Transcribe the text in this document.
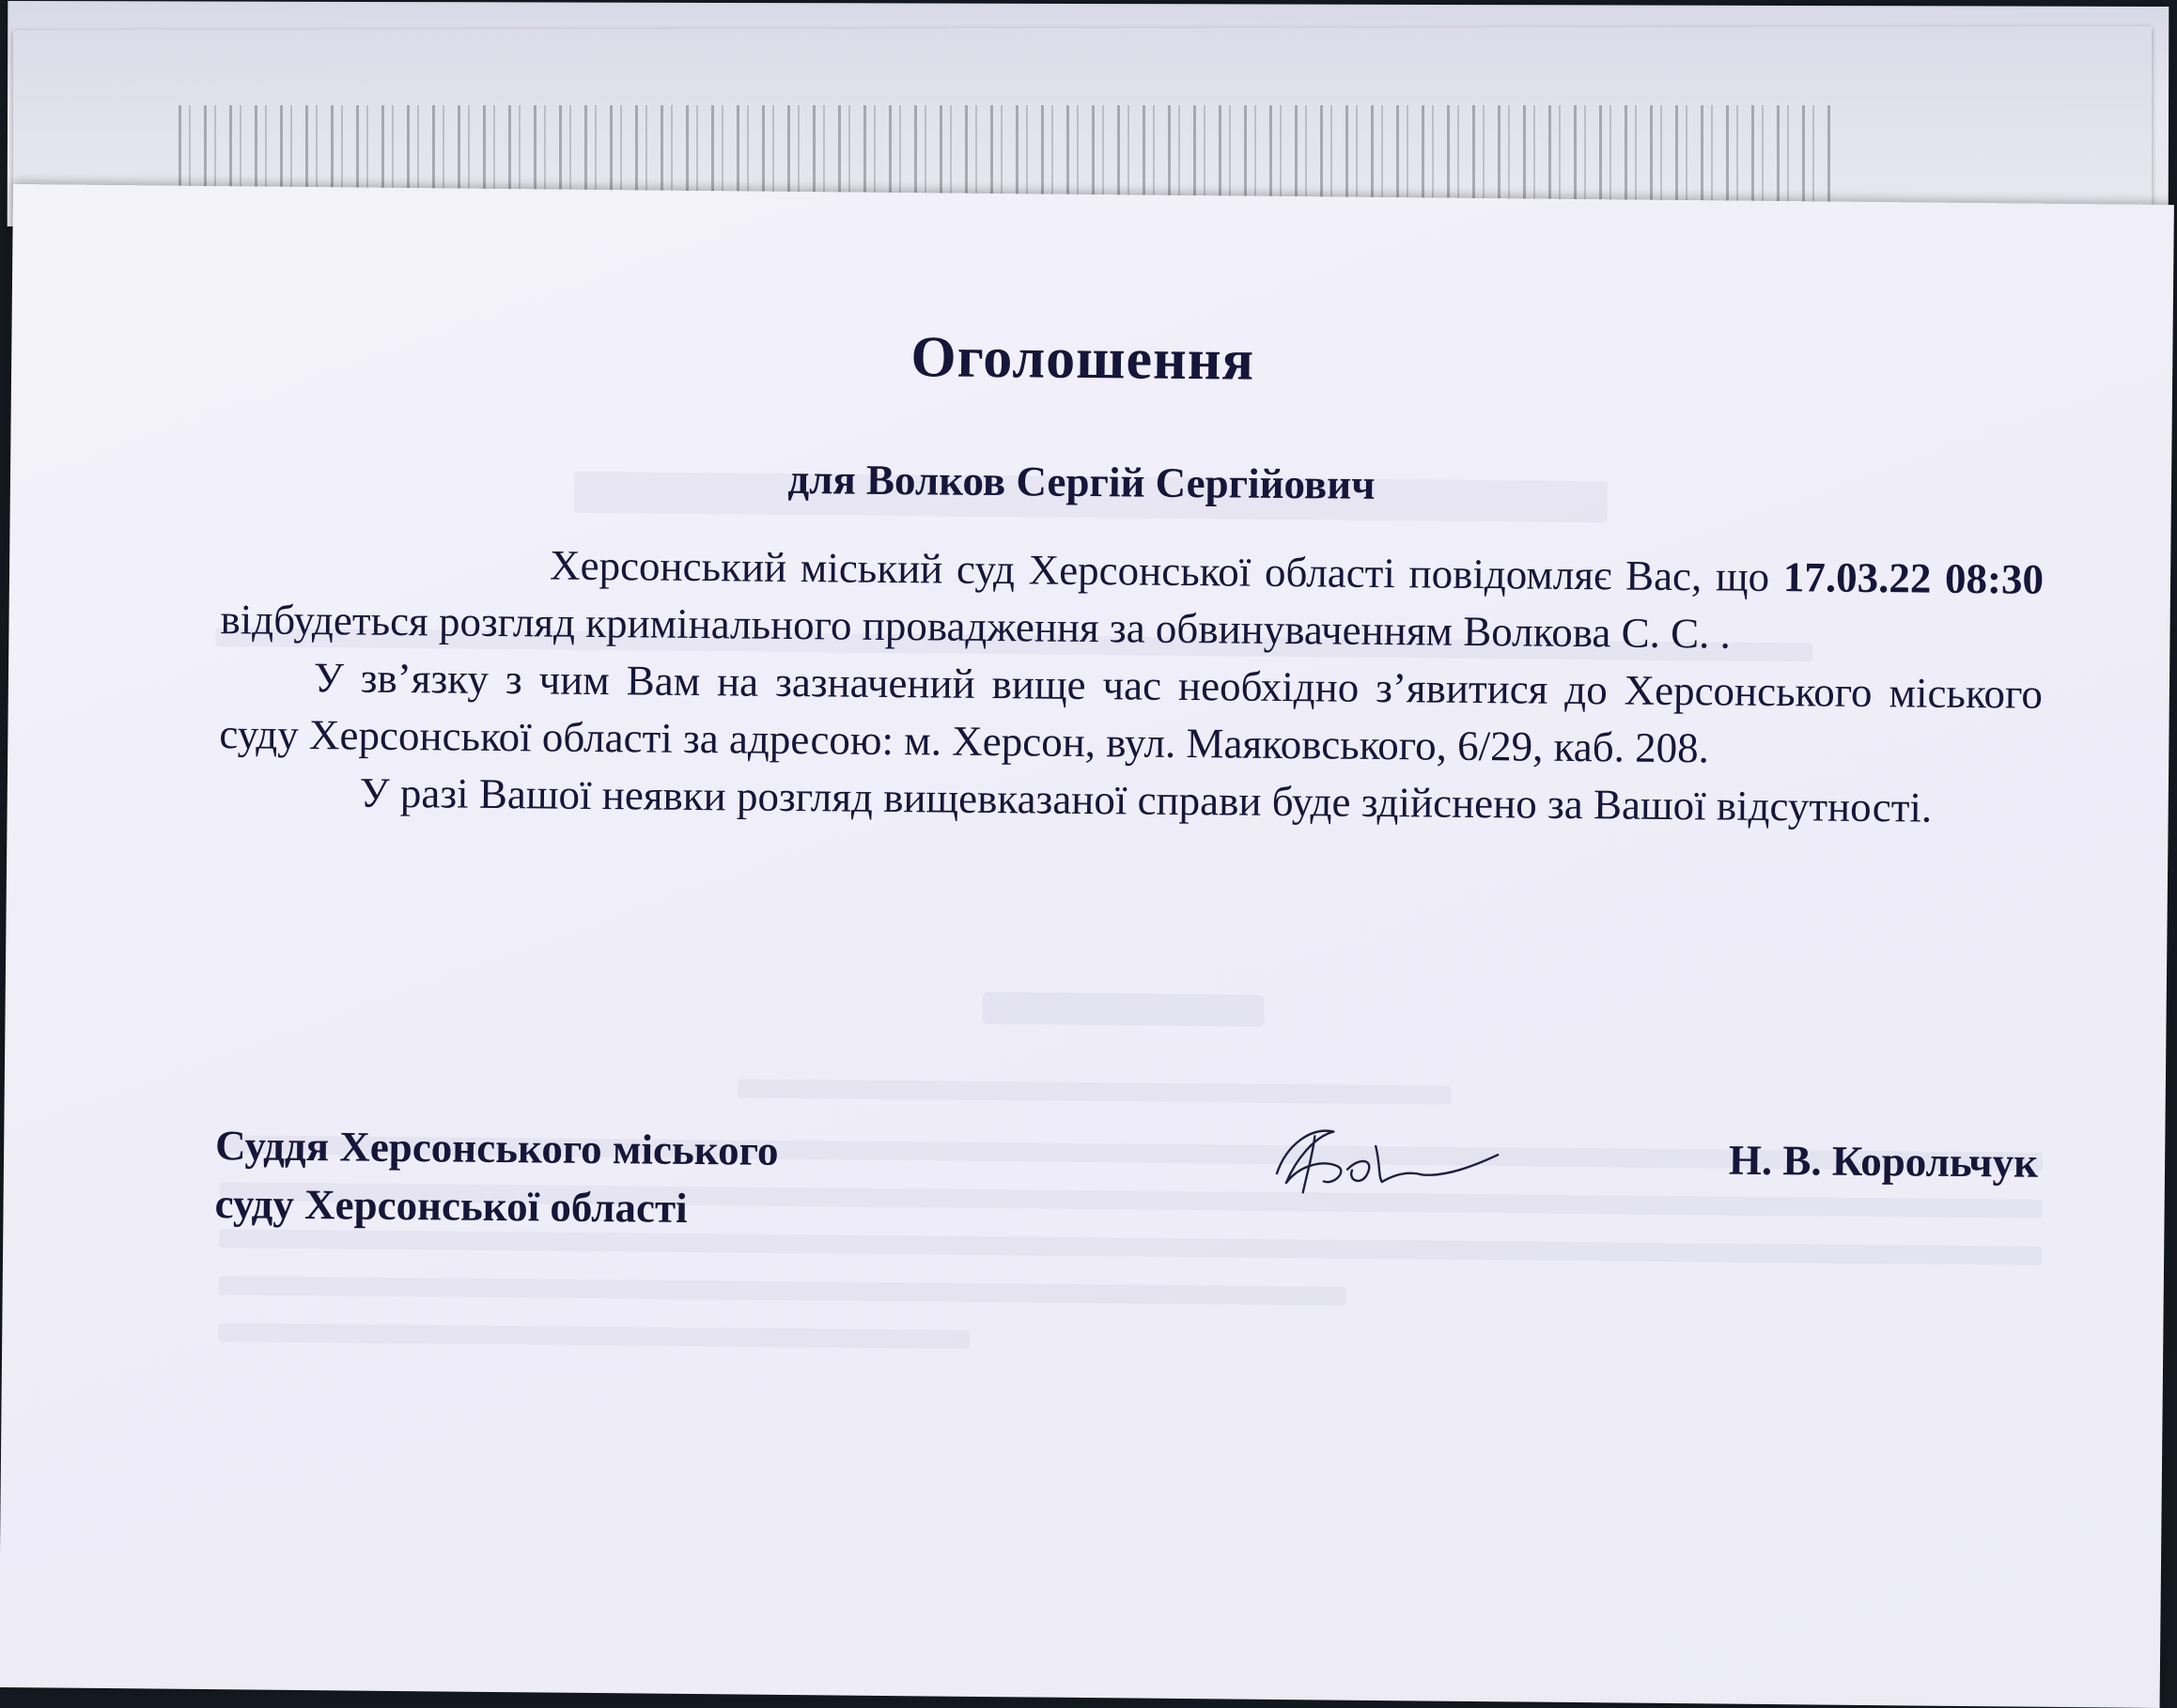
Оголошення
для Волков Сергій Сергійович

Херсонський міський суд Херсонської області повідомляє Вас, що 17.03.22 08:30 відбудеться розгляд кримінального провадження за обвинуваченням Волкова С. С. .

У зв’язку з чим Вам на зазначений вище час необхідно з’явитися до Херсонського міського суду Херсонської області за адресою: м. Херсон, вул. Маяковського, 6/29, каб. 208.

У разі Вашої неявки розгляд вищевказаної справи буде здійснено за Вашої відсутності.

Суддя Херсонського міського
суду Херсонської області
Н. В. Корольчук
